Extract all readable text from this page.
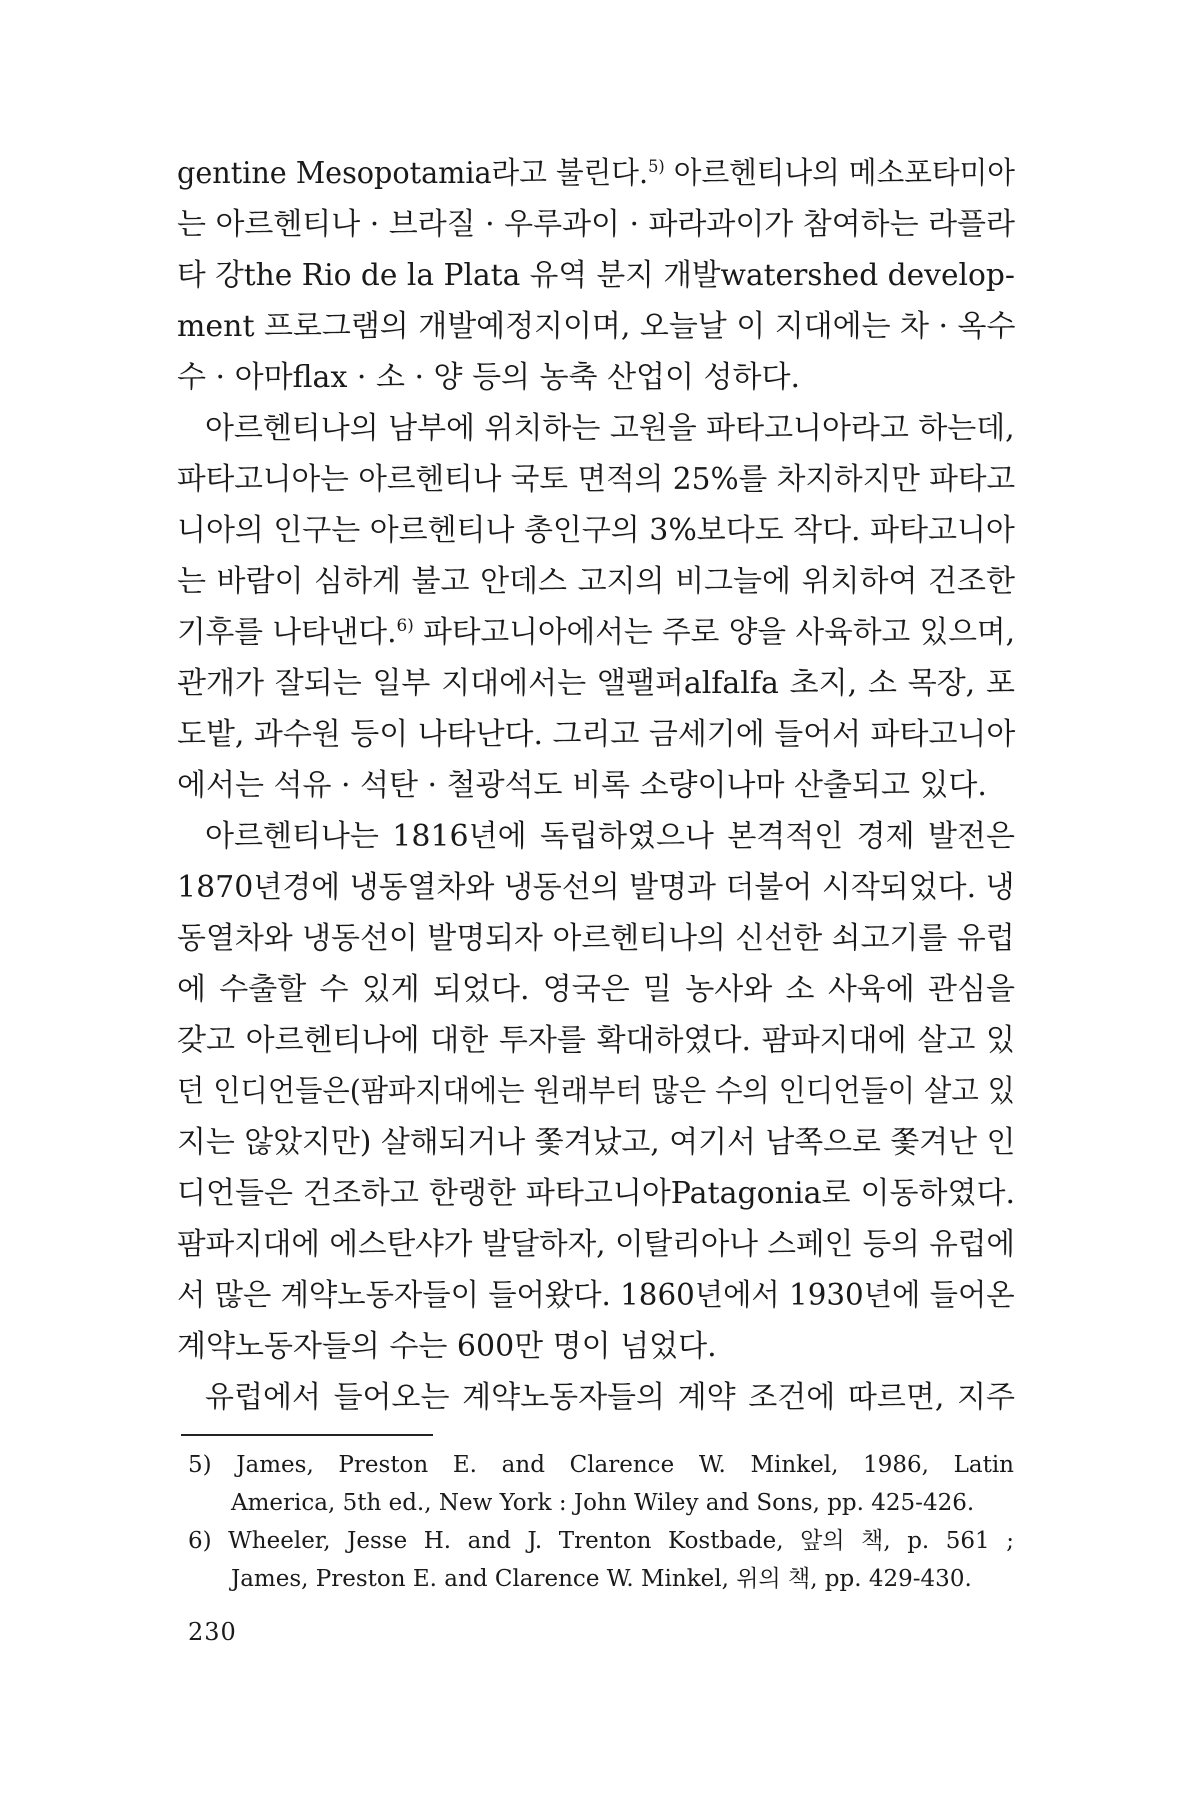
gentine Mesopotamia라고 불린다.$^{5)}$ 아르헨티나의 메소포타미아
는 아르헨티나 · 브라질 · 우루과이 · 파라과이가 참여하는 라플라
타 강the Rio de la Plata 유역 분지 개발watershed develop-
ment 프로그램의 개발예정지이며, 오늘날 이 지대에는 차 · 옥수
수 · 아마flax · 소 · 양 등의 농축 산업이 성하다.
아르헨티나의 남부에 위치하는 고원을 파타고니아라고 하는데,
파타고니아는 아르헨티나 국토 면적의 25%를 차지하지만 파타고
니아의 인구는 아르헨티나 총인구의 3%보다도 작다. 파타고니아
는 바람이 심하게 불고 안데스 고지의 비그늘에 위치하여 건조한
기후를 나타낸다.$^{6)}$ 파타고니아에서는 주로 양을 사육하고 있으며,
관개가 잘되는 일부 지대에서는 앨팰퍼alfalfa 초지, 소 목장, 포
도밭, 과수원 등이 나타난다. 그리고 금세기에 들어서 파타고니아
에서는 석유 · 석탄 · 철광석도 비록 소량이나마 산출되고 있다.
아르헨티나는 1816년에 독립하였으나 본격적인 경제 발전은
1870년경에 냉동열차와 냉동선의 발명과 더불어 시작되었다. 냉
동열차와 냉동선이 발명되자 아르헨티나의 신선한 쇠고기를 유럽
에 수출할 수 있게 되었다. 영국은 밀 농사와 소 사육에 관심을
갖고 아르헨티나에 대한 투자를 확대하였다. 팜파지대에 살고 있
던 인디언들은(팜파지대에는 원래부터 많은 수의 인디언들이 살고 있
지는 않았지만) 살해되거나 쫓겨났고, 여기서 남쪽으로 쫓겨난 인
디언들은 건조하고 한랭한 파타고니아Patagonia로 이동하였다.
팜파지대에 에스탄샤가 발달하자, 이탈리아나 스페인 등의 유럽에
서 많은 계약노동자들이 들어왔다. 1860년에서 1930년에 들어온
계약노동자들의 수는 600만 명이 넘었다.
유럽에서 들어오는 계약노동자들의 계약 조건에 따르면, 지주
5) James, Preston E. and Clarence W. Minkel, 1986, Latin
America, 5th ed., New York : John Wiley and Sons, pp. 425-426.
6) Wheeler, Jesse H. and J. Trenton Kostbade, 앞의 책, p. 561 ;
James, Preston E. and Clarence W. Minkel, 위의 책, pp. 429-430.
230
